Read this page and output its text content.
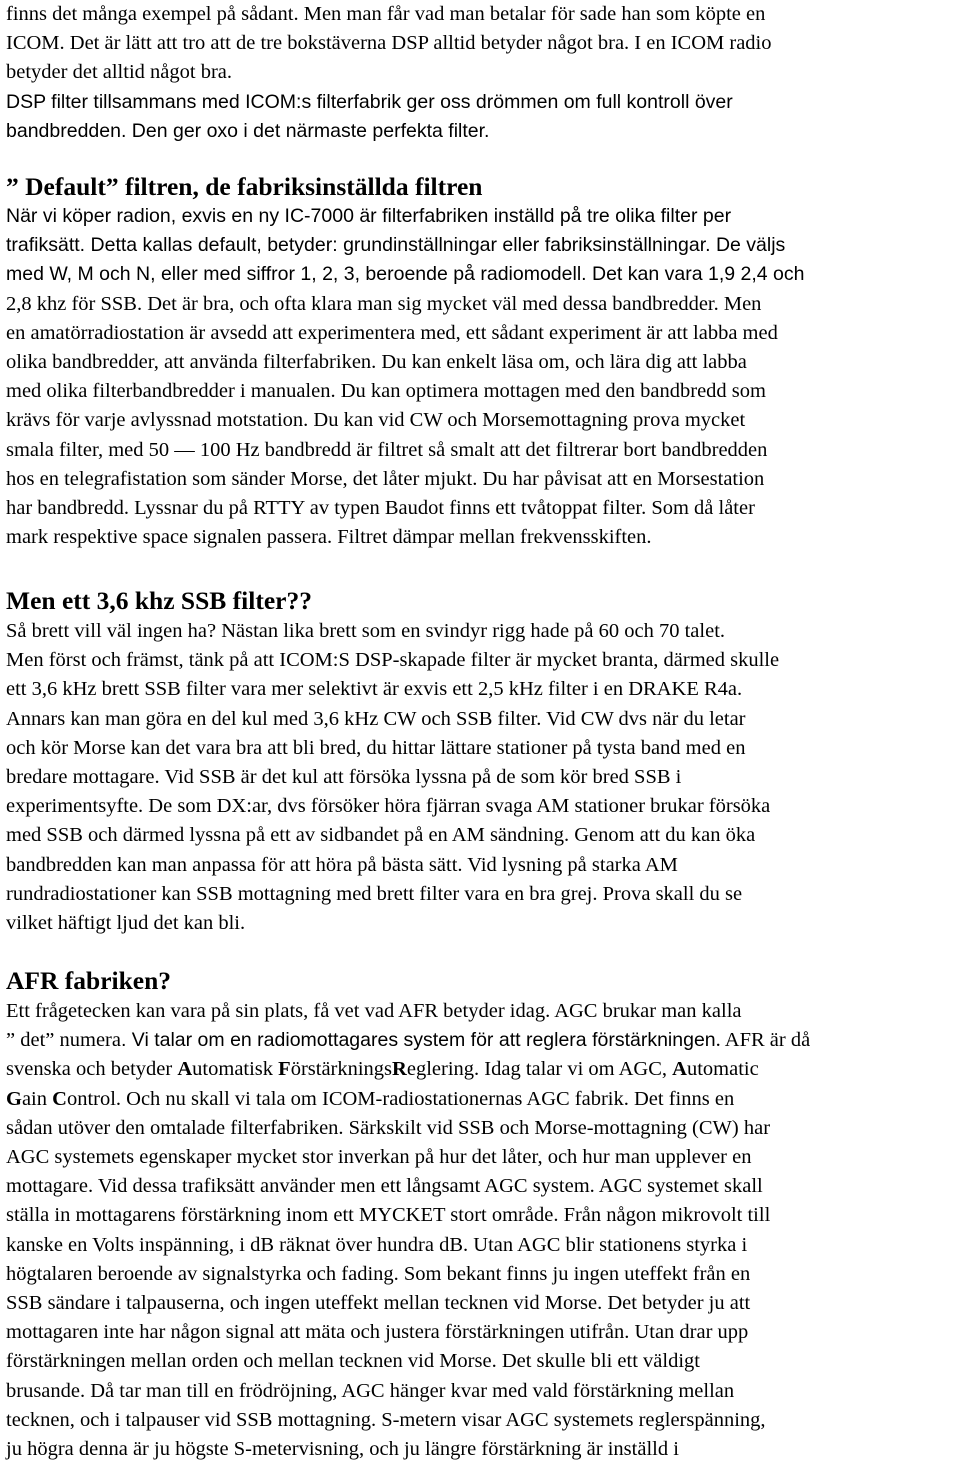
finns det många exempel på sådant. Men man får vad man betalar för sade han som köpte en
ICOM. Det är lätt att tro att de tre bokstäverna DSP alltid betyder något bra. I en ICOM radio
betyder det alltid något bra.

DSP filter tillsammans med ICOM:s filterfabrik ger oss drömmen om full kontroll över
bandbredden. Den ger oxo i det närmaste perfekta filter.

” Default” filtren, de fabriksinställda filtren

När vi köper radion, exvis en ny IC-7000 är filterfabriken inställd på tre olika filter per
trafiksätt. Detta kallas default, betyder: grundinställningar eller fabriksinställningar. De väljs
med W, M och N, eller med siffror 1, 2, 3, beroende på radiomodell. Det kan vara 1,9 2,4 och

2,8 khz för SSB. Det är bra, och ofta klara man sig mycket väl med dessa bandbredder. Men
en amatörradiostation är avsedd att experimentera med, ett sådant experiment är att labba med
olika bandbredder, att använda filterfabriken. Du kan enkelt läsa om, och lära dig att labba
med olika filterbandbredder i manualen. Du kan optimera mottagen med den bandbredd som
krävs för varje avlyssnad motstation. Du kan vid CW och Morsemottagning prova mycket
smala filter, med 50 — 100 Hz bandbredd är filtret så smalt att det filtrerar bort bandbredden
hos en telegrafistation som sänder Morse, det låter mjukt. Du har påvisat att en Morsestation
har bandbredd. Lyssnar du på RTTY av typen Baudot finns ett tvåtoppat filter. Som då låter
mark respektive space signalen passera. Filtret dämpar mellan frekvensskiften.

Men ett 3,6 khz SSB filter??

Så brett vill väl ingen ha? Nästan lika brett som en svindyr rigg hade på 60 och 70 talet.
Men först och främst, tänk på att ICOM:S DSP-skapade filter är mycket branta, därmed skulle
ett 3,6 kHz brett SSB filter vara mer selektivt är exvis ett 2,5 kHz filter i en DRAKE R4a.
Annars kan man göra en del kul med 3,6 kHz CW och SSB filter. Vid CW dvs när du letar
och kör Morse kan det vara bra att bli bred, du hittar lättare stationer på tysta band med en
bredare mottagare. Vid SSB är det kul att försöka lyssna på de som kör bred SSB i
experimentsyfte. De som DX:ar, dvs försöker höra fjärran svaga AM stationer brukar försöka
med SSB och därmed lyssna på ett av sidbandet på en AM sändning. Genom att du kan öka
bandbredden kan man anpassa för att höra på bästa sätt. Vid lysning på starka AM
rundradiostationer kan SSB mottagning med brett filter vara en bra grej. Prova skall du se
vilket häftigt ljud det kan bli.

AFR fabriken?

Ett frågetecken kan vara på sin plats, få vet vad AFR betyder idag. AGC brukar man kalla
” det” numera. Vi talar om en radiomottagares system för att reglera förstärkningen. AFR är då
svenska och betyder Automatisk FörstärkningsReglering. Idag talar vi om AGC, Automatic
Gain Control. Och nu skall vi tala om ICOM-radiostationernas AGC fabrik. Det finns en
sådan utöver den omtalade filterfabriken. Särkskilt vid SSB och Morse-mottagning (CW) har
AGC systemets egenskaper mycket stor inverkan på hur det låter, och hur man upplever en
mottagare. Vid dessa trafiksätt använder men ett långsamt AGC system. AGC systemet skall
ställa in mottagarens förstärkning inom ett MYCKET stort område. Från någon mikrovolt till
kanske en Volts inspänning, i dB räknat över hundra dB. Utan AGC blir stationens styrka i
högtalaren beroende av signalstyrka och fading. Som bekant finns ju ingen uteffekt från en
SSB sändare i talpauserna, och ingen uteffekt mellan tecknen vid Morse. Det betyder ju att
mottagaren inte har någon signal att mäta och justera förstärkningen utifrån. Utan drar upp
förstärkningen mellan orden och mellan tecknen vid Morse. Det skulle bli ett väldigt
brusande. Då tar man till en frödröjning, AGC hänger kvar med vald förstärkning mellan
tecknen, och i talpauser vid SSB mottagning. S-metern visar AGC systemets reglerspänning,
ju högra denna är ju högste S-metervisning, och ju längre förstärkning är inställd i
